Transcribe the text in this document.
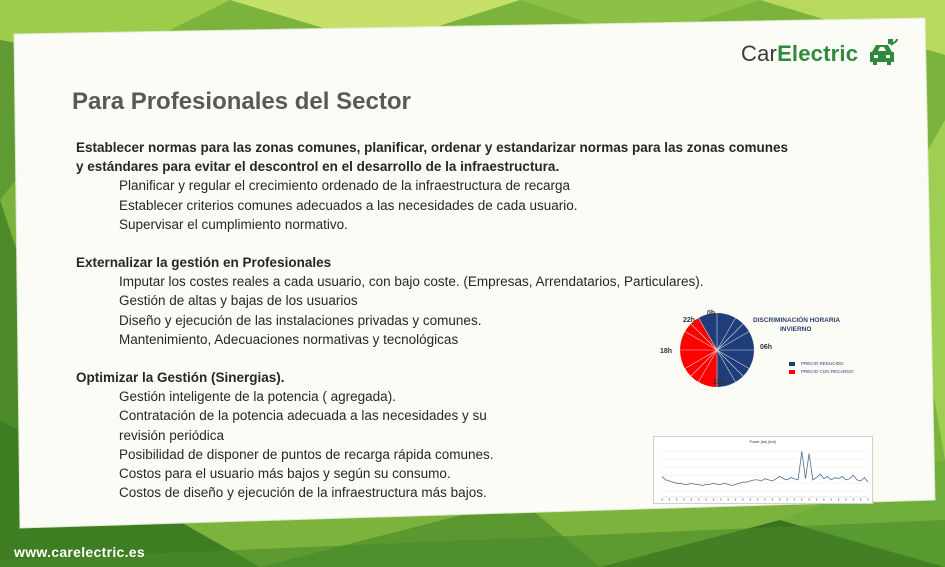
CarElectric
Para Profesionales del Sector
Establecer normas para las zonas comunes, planificar, ordenar y estandarizar normas para las zonas comunes
y estándares para evitar el descontrol en el desarrollo de la infraestructura.
Planificar y regular el crecimiento ordenado de la infraestructura de recarga
Establecer criterios comunes adecuados a las necesidades de cada usuario.
Supervisar el cumplimiento normativo.
Externalizar la gestión en Profesionales
Imputar los costes reales a cada usuario, con bajo coste. (Empresas, Arrendatarios, Particulares).
Gestión de altas y bajas de los usuarios
Diseño y ejecución de las instalaciones privadas y comunes.
Mantenimiento, Adecuaciones normativas y tecnológicas
Optimizar la Gestión (Sinergias).
Gestión inteligente de la potencia ( agregada).
Contratación de la potencia adecuada a las necesidades y su
revisión periódica
Posibilidad de disponer de puntos de recarga rápida comunes.
Costos para el usuario más bajos y según su consumo.
Costos de diseño y ejecución de la infraestructura más bajos.
0h
22h
06h
18h
12h
DISCRIMINACIÓN HORARIA
INVIERNO
PRECIO REDUCIDO
PRECIO CON RECARGO
Power (kw) (kvA)
www.carelectric.es
